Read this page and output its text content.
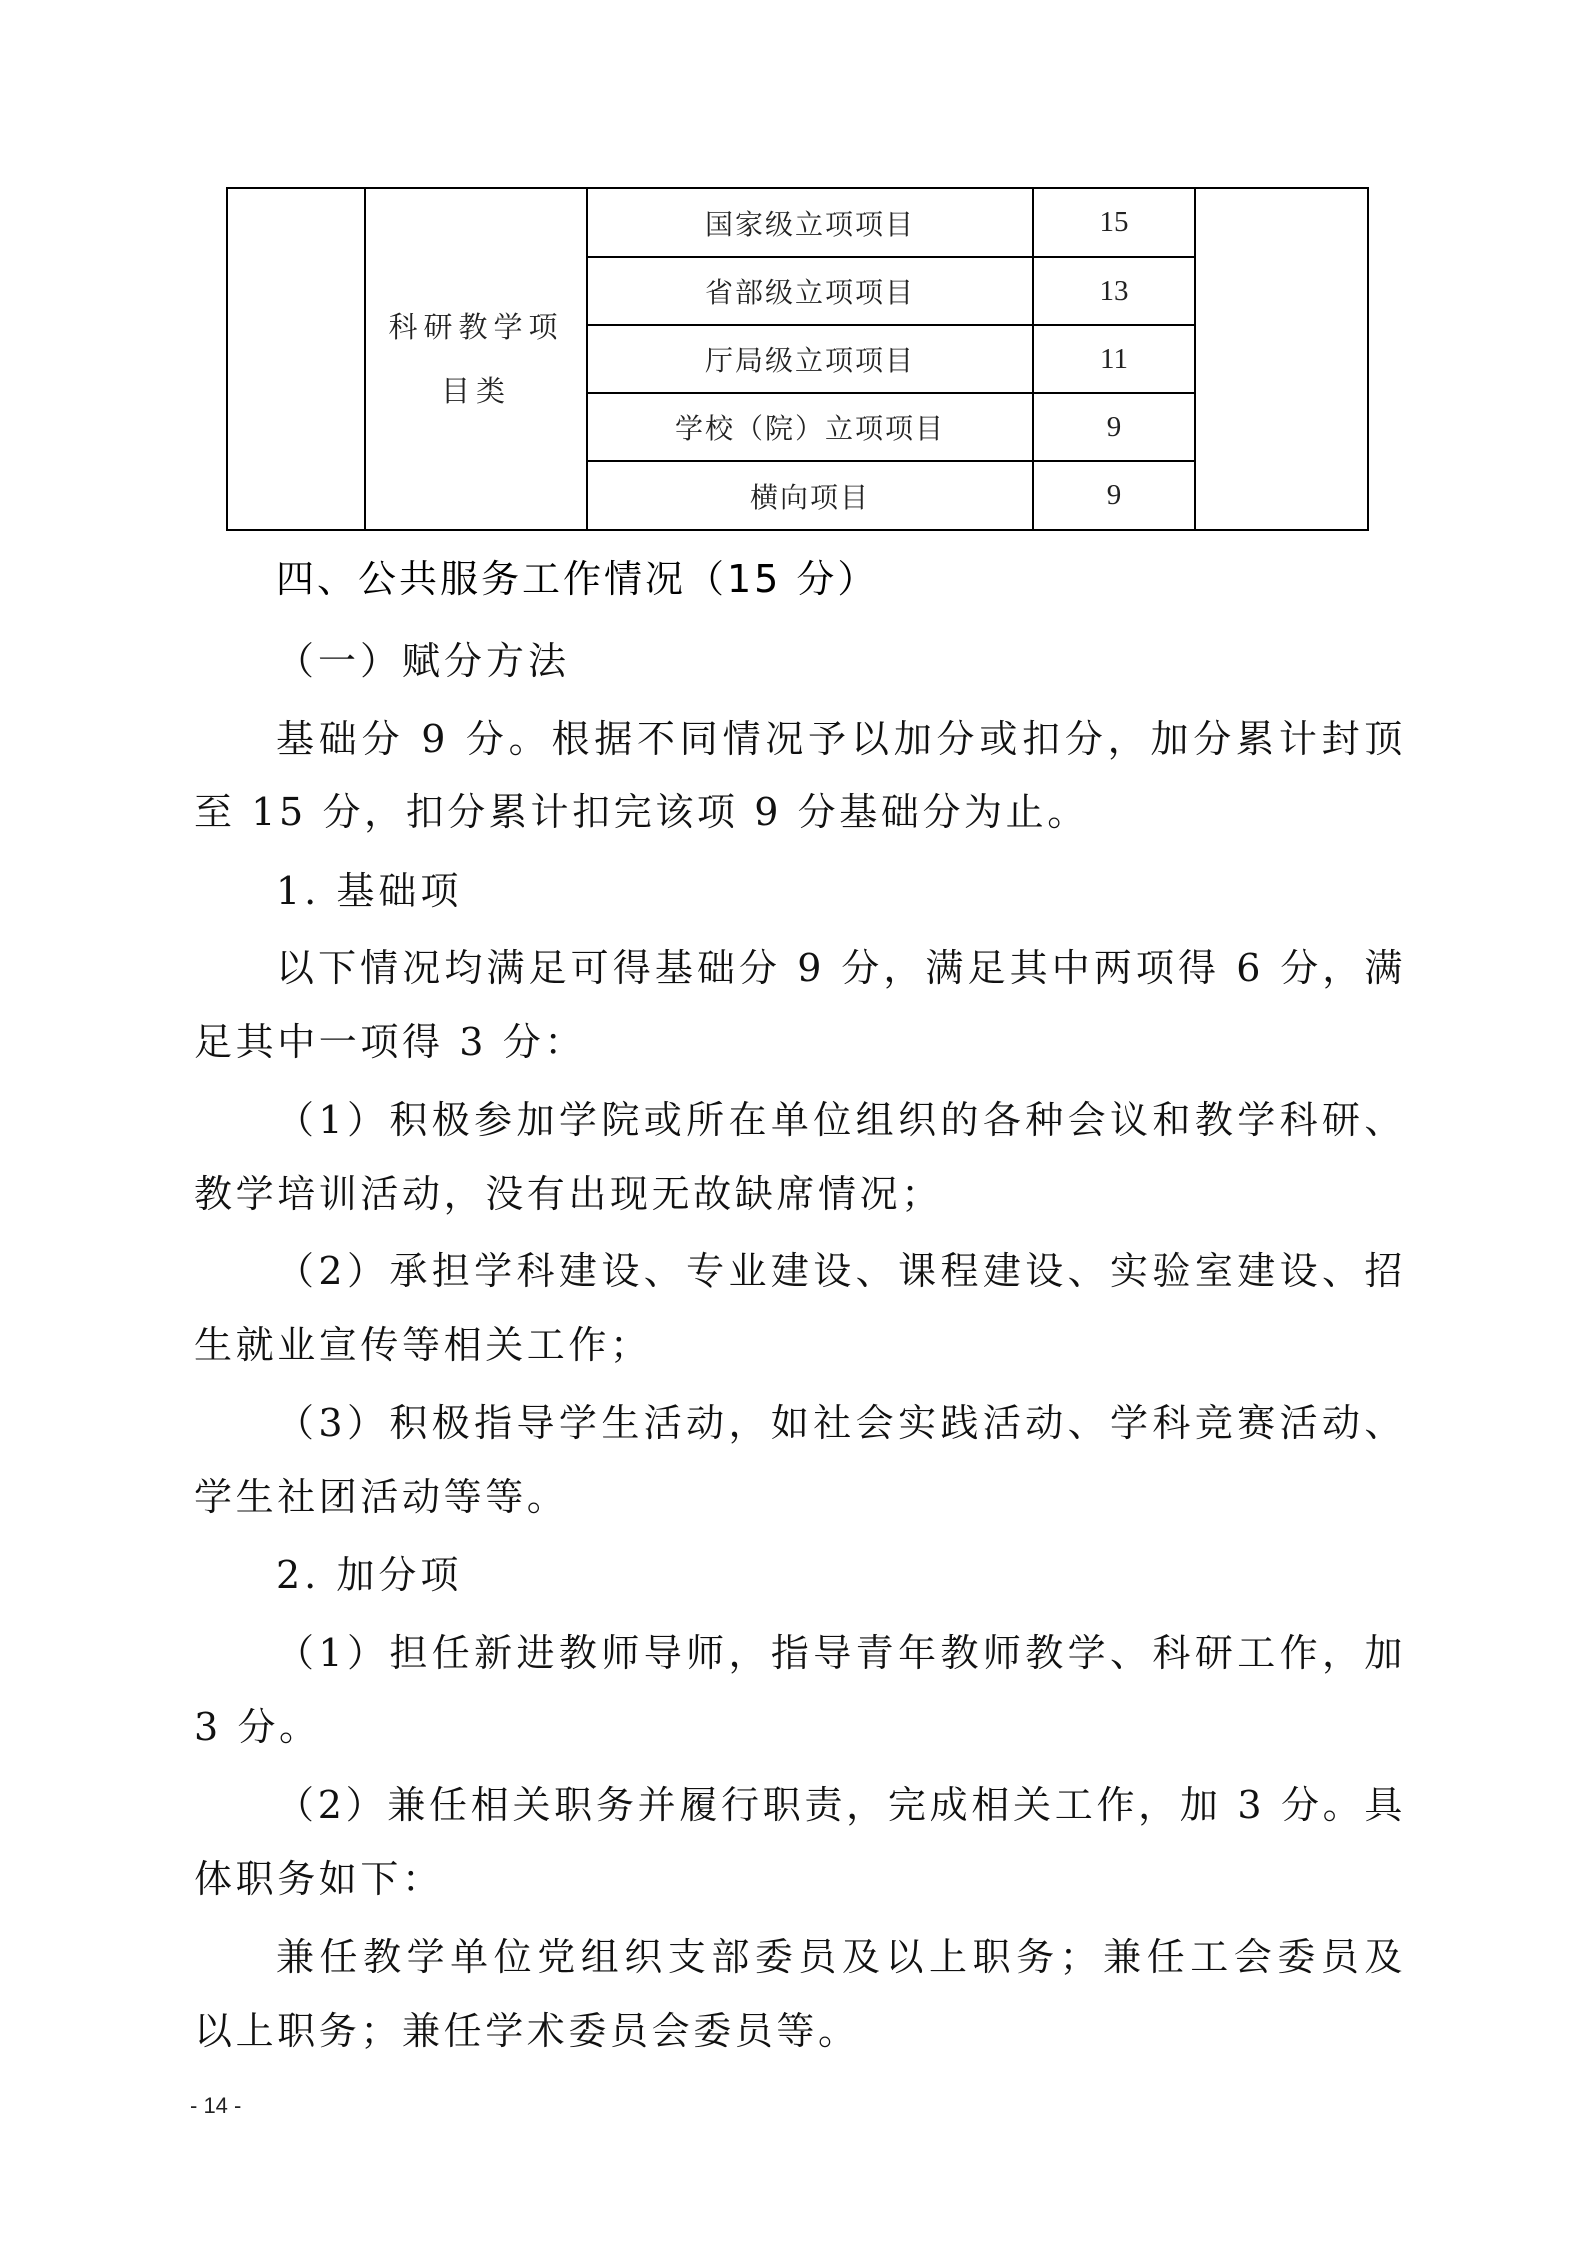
	科研教学项
目类	国家级立项项目	15	
		省部级立项项目	13	
		厅局级立项项目	11	
		学校（院）立项项目	9	
		横向项目	9	
四、公共服务工作情况（15 分）
（一）赋分方法
基础分 9 分。根据不同情况予以加分或扣分，加分累计封顶
至 15 分，扣分累计扣完该项 9 分基础分为止。
1. 基础项
以下情况均满足可得基础分 9 分，满足其中两项得 6 分，满
足其中一项得 3 分：
（1）积极参加学院或所在单位组织的各种会议和教学科研、
教学培训活动，没有出现无故缺席情况；
（2）承担学科建设、专业建设、课程建设、实验室建设、招
生就业宣传等相关工作；
（3）积极指导学生活动，如社会实践活动、学科竞赛活动、
学生社团活动等等。
2. 加分项
（1）担任新进教师导师，指导青年教师教学、科研工作，加
3 分。
（2）兼任相关职务并履行职责，完成相关工作，加 3 分。具
体职务如下：
兼任教学单位党组织支部委员及以上职务；兼任工会委员及
以上职务；兼任学术委员会委员等。
- 14 -
